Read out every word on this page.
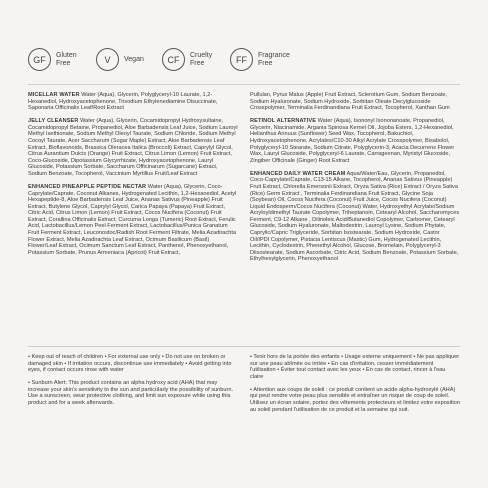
GF	Gluten Free	V	Vegan	CF	Cruelty Free	FF	Fragrance Free

MICELLAR WATER Water (Aqua), Glycerin, Polyglyceryl-10 Laurate, 1,2-Hexanediol, Hydroxyacetophenone, Trisodium Ethylenediamine Disuccinate, Saponaria Officinalis Leaf/Root Extract

JELLY CLEANSER Water (Aqua), Glycerin, Cocamidopropyl Hydroxysultaine, Cocamidopropyl Betaine, Propanediol, Aloe Barbadensis Leaf Juice, Sodium Lauroyl Methyl Isethionate, Sodium Methyl Oleoyl Taurate, Sodium Chloride, Sodium Methyl Cocoyl Taurate, Acer Saccharum (Sugar Maple) Extract, Aloe Barbadensis Leaf Extract, Bioflavonoids, Brassica Oleracea Italica (Broccoli) Extract, Caprylyl Glycol, Citrus Aurantium Dulcis (Orange) Fruit Extract, Citrus Limon (Lemon) Fruit Extract, Coco-Glucoside, Dipotassium Glycyrrhizate, Hydroxyacetophenone, Lauryl Glucoside, Potassium Sorbate, Saccharum Officinarum (Sugarcane) Extract, Sodium Benzoate, Tocopherol, Vaccinium Myrtillus Fruit/Leaf Extract

ENHANCED PINEAPPLE PEPTIDE NECTAR Water (Aqua), Glycerin, Coco-Caprylate/Caprate, Coconut Alkanes, Hydrogenated Lecithin, 1,2-Hexanediol, Acetyl Hexapeptide-8, Aloe Barbadensis Leaf Juice, Ananas Sativus (Pineapple) Fruit Extract, Butylene Glycol, Caprylyl Glycol, Carica Papaya (Papaya) Fruit Extract, Citric Acid, Citrus Limon (Lemon) Fruit Extract, Cocos Nucifera (Coconut) Fruit Extract, Corallina Officinalis Extract, Curcuma Longa (Tumeric) Root Extract, Ferulic Acid, Lactobacillus/Lemon Peel Ferment Extract, Lactobacillus/Punica Granatum Fruit Ferment Extract, Leuconostoc/Radish Root Ferment Filtrate, Melia Azadirachta Flower Extract, Melia Azadirachta Leaf Extract, Ocimum Basilicum (Basil) Flower/Leaf Extract, Ocimum Sanctum Leaf Extract, Panthenol, Phenoxyethanol, Potassium Sorbate, Prunus Armeniaca (Apricot) Fruit Extract,

Pullulan, Pyrus Malus (Apple) Fruit Extract, Sclerotium Gum, Sodium Benzoate, Sodium Hyaluronate, Sodium Hydroxide, Sorbitan Oleate Decylglucoside Crosspolymer, Terminalia Ferdinandiana Fruit Extract, Tocopherol, Xanthan Gum

RETINOL ALTERNATIVE Water (Aqua), Isononyl Isononanoate, Propanediol, Glycerin, Niacinamide, Argania Spinosa Kernel Oil, Jojoba Esters, 1,2-Hexanediol, Helianthus Annuus (Sunflower) Seed Wax, Tocopherol, Bakuchiol, Hydroxyacetophenone, Acrylates/C10-30 Alkyl Acrylate Crosspolymer, Bisabolol, Polyglyceryl-10 Stearate, Sodium Citrate, Polyglycerin-3, Acacia Decurrens Flower Wax, Lauryl Glucoside, Polyglyceryl-6 Laurate, Carrageenan, Myristyl Glucoside, Zingiber Officinale (Ginger) Root Extract

ENHANCED DAILY WATER CREAM Aqua/Water/Eau, Glycerin, Propanediol, Coco-Caprylate/Caprate, C13-15 Alkane, Tocopherol, Ananas Sativus (Pineapple) Fruit Extract, Chlorella Emersonii Extract, Oryza Sativa (Rice) Extract / Oryza Sativa (Rice) Germ Extract , Terminalia Ferdinandiana Fruit Extract, Glycine Soja (Soybean) Oil, Cocos Nucifera (Coconut) Fruit Juice, Cocos Nucifera (Coconut) Liquid Endosperm/Cocos Nucifera (Coconut) Water, Hydroxyethyl Acrylate/Sodium Acryloyldimethyl Taurate Copolymer, Triheptanoin, Cetearyl Alcohol, Saccharomyces Ferment, C9-12 Alkane , Dilinoleic Acid/Butanediol Copolymer, Carbomer, Cetearyl Glucoside, Sodium Hyaluronate, Maltodextrin, Lauroyl Lysine, Sodium Phytate, Caprylic/Capric Triglyceride, Sorbitan Isostearate, Sodium Hydroxide, Castor Oil/IPDI Copolymer, Pistacia Lentiscus (Mastic) Gum, Hydrogenated Lecithin, Lecithin, Cyclodextrin, Phenethyl Alcohol, Glucose, Bromelain, Polyglyceryl-3 Diisostearate, Sodium Ascorbate, Citric Acid, Sodium Benzoate, Potassium Sorbate, Ethylhexylglycerin, Phenoxyethanol

• Keep out of reach of children • For external use only • Do not use on broken or damaged skin • If irritation occurs, discontinue use immediately • Avoid getting into eyes, if contact occurs rinse with water

• Sunburn Alert: This product contains an alpha hydroxy acid (AHA) that may increase your skin's sensitivity to the sun and particularly the possibility of sunburn. Use a sunscreen, wear protective clothing, and limit sun exposure while using this product and for a week afterwards.

• Tenir hors de la portée des enfants • Usage externe uniquement • Ne pas appliquer sur une peau abîmée ou irritée • En cas d'irritation, cesser immédiatement l'utilisation • Éviter tout contact avec les yeux • En cas de contact, rincer à l'eau claire

• Attention aux coups de soleil : ce produit contient un acide alpha-hydroxylé (AHA) qui peut rendre votre peau plus sensible et entraîner un risque de coup de soleil. Utilisez un écran solaire, portez des vêtements protecteurs et limitez votre exposition au soleil pendant l'utilisation de ce produit et la semaine qui suit.
